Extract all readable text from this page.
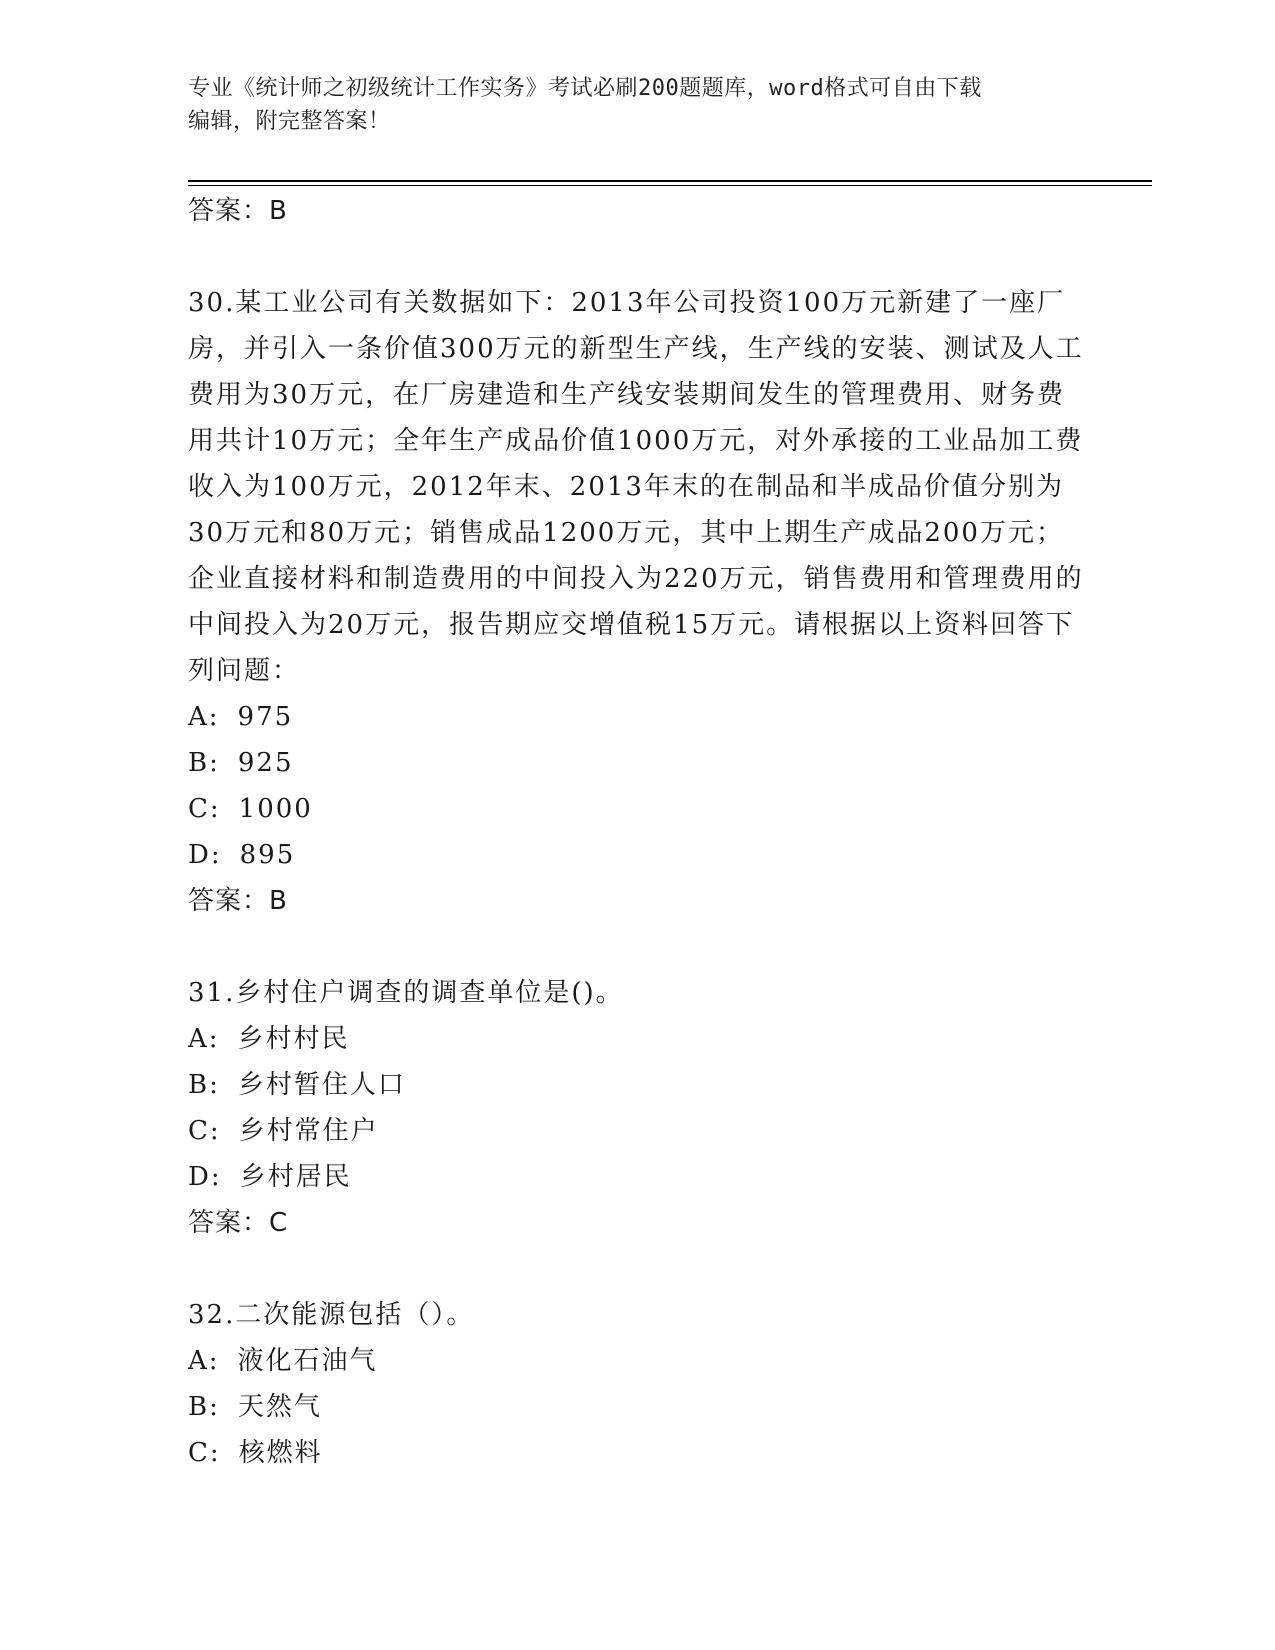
专业《统计师之初级统计工作实务》考试必刷200题题库，word格式可自由下载
编辑，附完整答案！
答案：B
30.某工业公司有关数据如下：2013年公司投资100万元新建了一座厂房，并引入一条价值300万元的新型生产线，生产线的安装、测试及人工费用为30万元，在厂房建造和生产线安装期间发生的管理费用、财务费用共计10万元；全年生产成品价值1000万元，对外承接的工业品加工费收入为100万元，2012年末、2013年末的在制品和半成品价值分别为30万元和80万元；销售成品1200万元，其中上期生产成品200万元；企业直接材料和制造费用的中间投入为220万元，销售费用和管理费用的中间投入为20万元，报告期应交增值税15万元。请根据以上资料回答下列问题：
A: 975
B: 925
C: 1000
D: 895
答案：B
31.乡村住户调查的调查单位是()。
A: 乡村村民
B: 乡村暂住人口
C: 乡村常住户
D: 乡村居民
答案：C
32.二次能源包括（）。
A: 液化石油气
B: 天然气
C: 核燃料
